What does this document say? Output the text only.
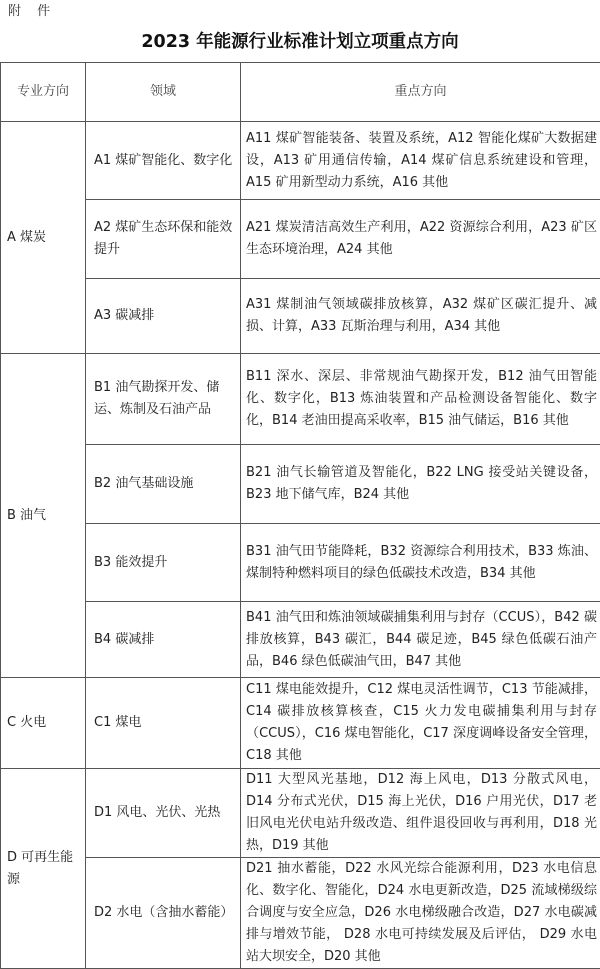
附 件
2023 年能源行业标准计划立项重点方向
专业方向	领域	重点方向
A 煤炭	A1 煤矿智能化、数字化	A11 煤矿智能装备、装置及系统，A12 智能化煤矿大数据建设，A13 矿用通信传输，A14 煤矿信息系统建设和管理，A15 矿用新型动力系统，A16 其他
	A2 煤矿生态环保和能效提升	A21 煤炭清洁高效生产利用，A22 资源综合利用，A23 矿区生态环境治理，A24 其他
	A3 碳减排	A31 煤制油气领域碳排放核算，A32 煤矿区碳汇提升、减损、计算，A33 瓦斯治理与利用，A34 其他
B 油气	B1 油气勘探开发、储运、炼制及石油产品	B11 深水、深层、非常规油气勘探开发，B12 油气田智能化、数字化，B13 炼油装置和产品检测设备智能化、数字化，B14 老油田提高采收率，B15 油气储运，B16 其他
	B2 油气基础设施	B21 油气长输管道及智能化，B22 LNG 接受站关键设备，B23 地下储气库，B24 其他
	B3 能效提升	B31 油气田节能降耗，B32 资源综合利用技术，B33 炼油、煤制特种燃料项目的绿色低碳技术改造，B34 其他
	B4 碳减排	B41 油气田和炼油领域碳捕集利用与封存（CCUS），B42 碳排放核算，B43 碳汇，B44 碳足迹，B45 绿色低碳石油产品，B46 绿色低碳油气田，B47 其他
C 火电	C1 煤电	C11 煤电能效提升，C12 煤电灵活性调节，C13 节能减排，C14 碳排放核算核查，C15 火力发电碳捕集利用与封存（CCUS），C16 煤电智能化，C17 深度调峰设备安全管理，C18 其他
D 可再生能源	D1 风电、光伏、光热	D11 大型风光基地，D12 海上风电，D13 分散式风电，D14 分布式光伏，D15 海上光伏，D16 户用光伏，D17 老旧风电光伏电站升级改造、组件退役回收与再利用，D18 光热，D19 其他
	D2 水电（含抽水蓄能）	D21 抽水蓄能，D22 水风光综合能源利用，D23 水电信息化、数字化、智能化，D24 水电更新改造，D25 流域梯级综合调度与安全应急，D26 水电梯级融合改造，D27 水电碳减排与增效节能， D28 水电可持续发展及后评估， D29 水电站大坝安全，D20 其他
